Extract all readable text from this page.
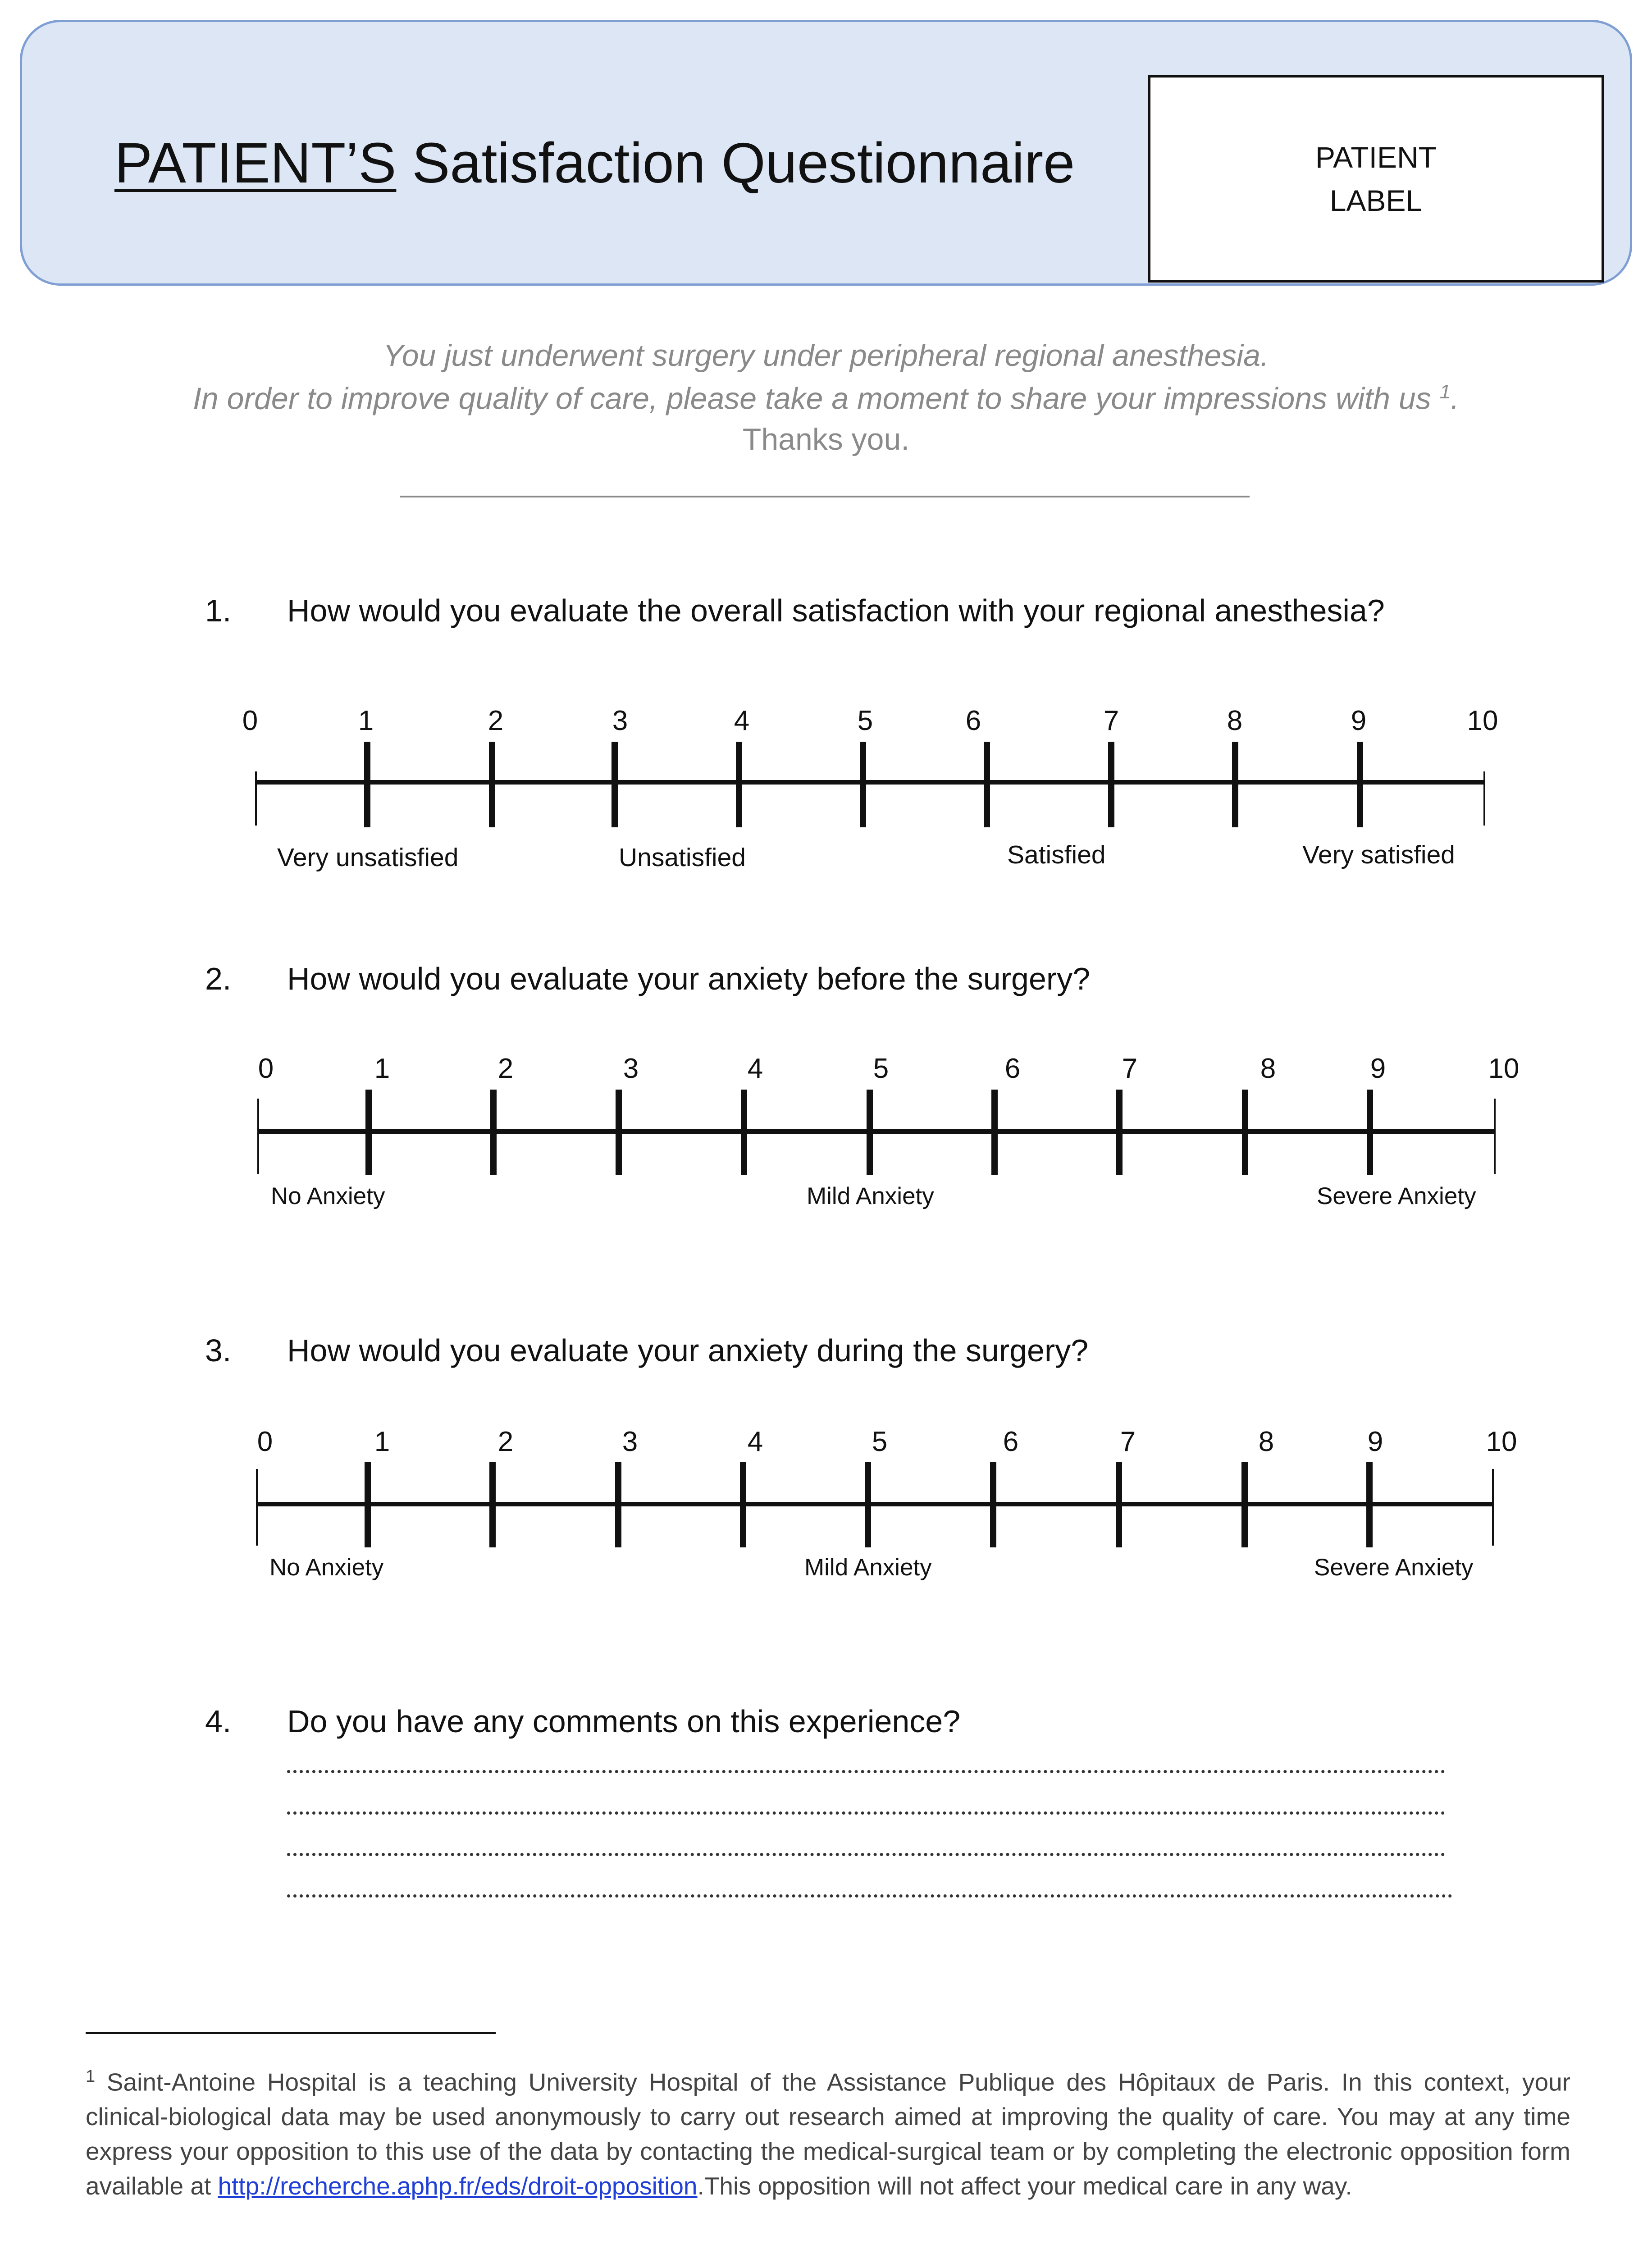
PATIENT’S Satisfaction Questionnaire	PATIENT
LABEL
You just underwent surgery under peripheral regional anesthesia.
In order to improve quality of care, please take a moment to share your impressions with us $^1$.
Thanks you.
1. How would you evaluate the overall satisfaction with your regional anesthesia?
2. How would you evaluate your anxiety before the surgery?
3. How would you evaluate your anxiety during the surgery?
4. Do you have any comments on this experience?
0	1	2	3	4	5	6	7	8	9	10
Very unsatisfied	Unsatisfied	Satisfied	Very satisfied
0	1	2	3	4	5	6	7	8	9	10
No Anxiety	Mild Anxiety	Severe Anxiety
0	1	2	3	4	5	6	7	8	9	10
No Anxiety	Mild Anxiety	Severe Anxiety
$^1$ Saint-Antoine Hospital is a teaching University Hospital of the Assistance Publique des Hôpitaux de Paris. In this context, your clinical-biological data may be used anonymously to carry out research aimed at improving the quality of care. You may at any time express your opposition to this use of the data by contacting the medical-surgical team or by completing the electronic opposition form available at http://recherche.aphp.fr/eds/droit-opposition.This opposition will not affect your medical care in any way.
